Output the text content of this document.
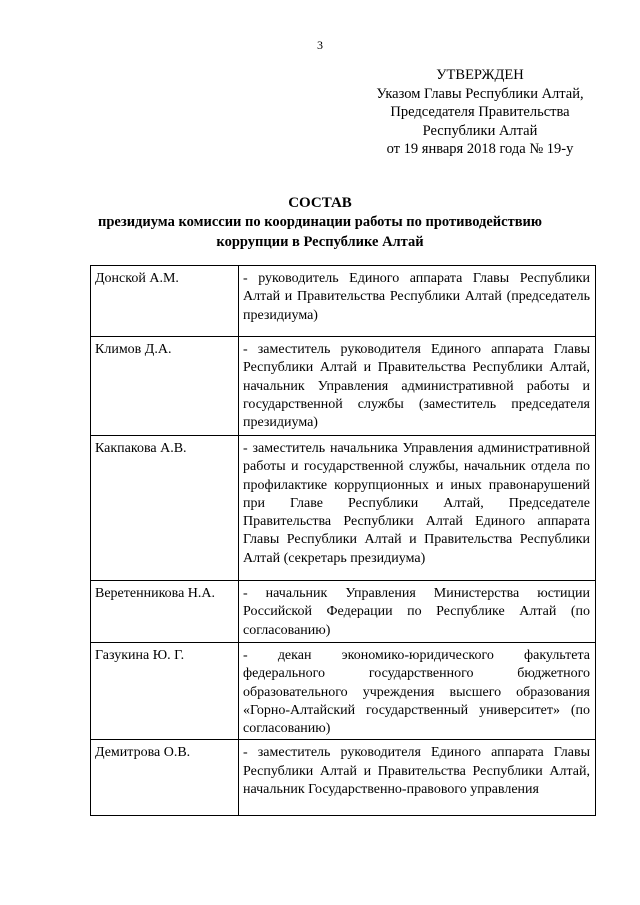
3
УТВЕРЖДЕН
Указом Главы Республики Алтай,
Председателя Правительства
Республики Алтай
от 19 января 2018 года № 19-у
СОСТАВ
президиума комиссии по координации работы по противодействию коррупции в Республике Алтай
Донской А.М.	- руководитель Единого аппарата Главы Республики Алтай и Правительства Республики Алтай (председатель президиума)
Климов Д.А.	- заместитель руководителя Единого аппарата Главы Республики Алтай и Правительства Республики Алтай, начальник Управления административной работы и государственной службы (заместитель председателя президиума)
Какпакова А.В.	- заместитель начальника Управления административной работы и государственной службы, начальник отдела по профилактике коррупционных и иных правонарушений при Главе Республики Алтай, Председателе Правительства Республики Алтай Единого аппарата Главы Республики Алтай и Правительства Республики Алтай (секретарь президиума)
Веретенникова Н.А.	- начальник Управления Министерства юстиции Российской Федерации по Республике Алтай (по согласованию)
Газукина Ю. Г.	- декан экономико-юридического факультета федерального государственного бюджетного образовательного учреждения высшего образования «Горно-Алтайский государственный университет» (по согласованию)
Демитрова О.В.	- заместитель руководителя Единого аппарата Главы Республики Алтай и Правительства Республики Алтай, начальник Государственно-правового управления
